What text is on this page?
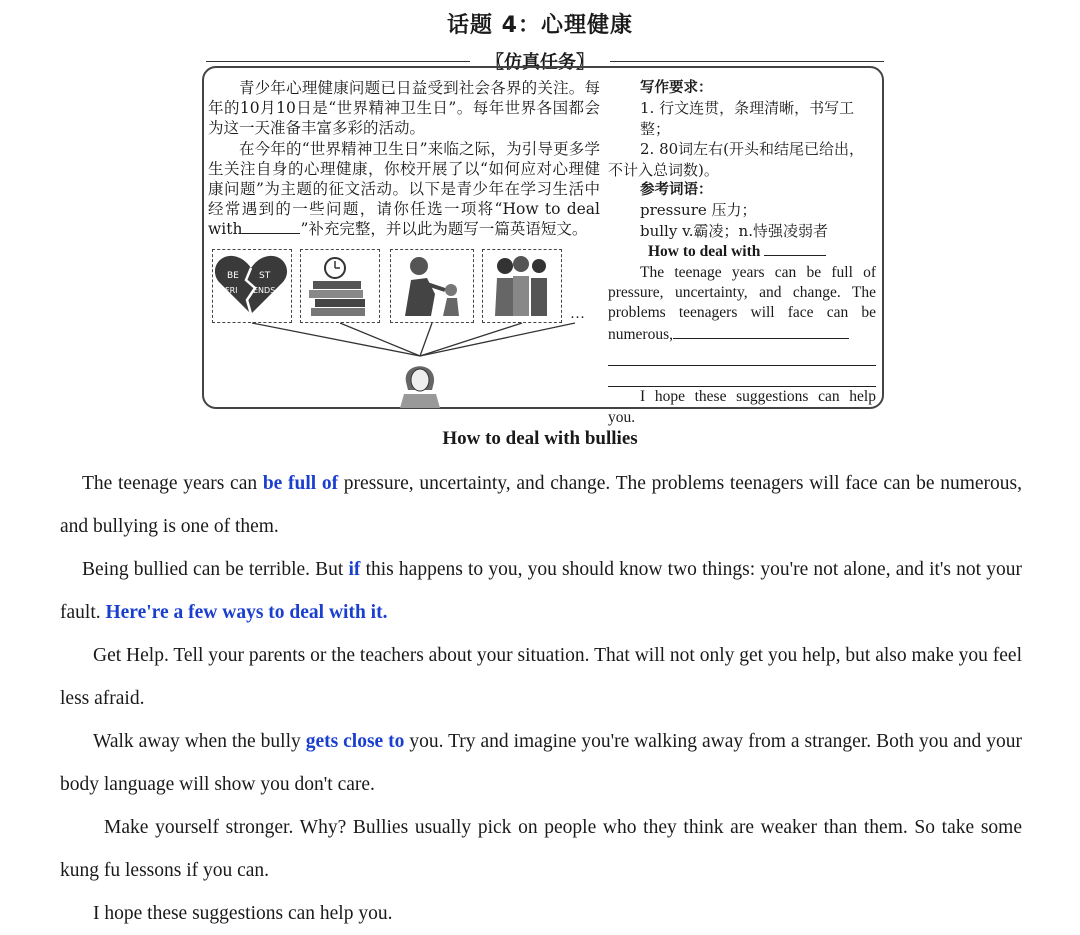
话题 4：心理健康
〖仿真任务〗

青少年心理健康问题已日益受到社会各界的关注。每年的10月10日是“世界精神卫生日”。每年世界各国都会为这一天准备丰富多彩的活动。

在今年的“世界精神卫生日”来临之际，为引导更多学生关注自身的心理健康，你校开展了以“如何应对心理健康问题”为主题的征文活动。以下是青少年在学习生活中经常遇到的一些问题，请你任选一项将“How to deal with	”补充完整，并以此为题写一篇英语短文。

BE ST
FRI ENDS
…
写作要求：
1. 行文连贯，条理清晰，书写工整；
2. 80词左右(开头和结尾已给出，不计入总词数)。
参考词语：
pressure 压力；
bully v.霸凌；n.恃强凌弱者
How to deal with
The teenage years can be full of pressure, uncertainty, and change. The problems teenagers will face can be numerous,
I hope these suggestions can help you.
How to deal with bullies
The teenage years can be full of pressure, uncertainty, and change. The problems teenagers will face can be numerous, and bullying is one of them.
Being bullied can be terrible. But if this happens to you, you should know two things: you're not alone, and it's not your fault. Here're a few ways to deal with it.
Get Help. Tell your parents or the teachers about your situation. That will not only get you help, but also make you feel less afraid.
Walk away when the bully gets close to you. Try and imagine you're walking away from a stranger. Both you and your body language will show you don't care.
Make yourself stronger. Why? Bullies usually pick on people who they think are weaker than them. So take some kung fu lessons if you can.
I hope these suggestions can help you.
